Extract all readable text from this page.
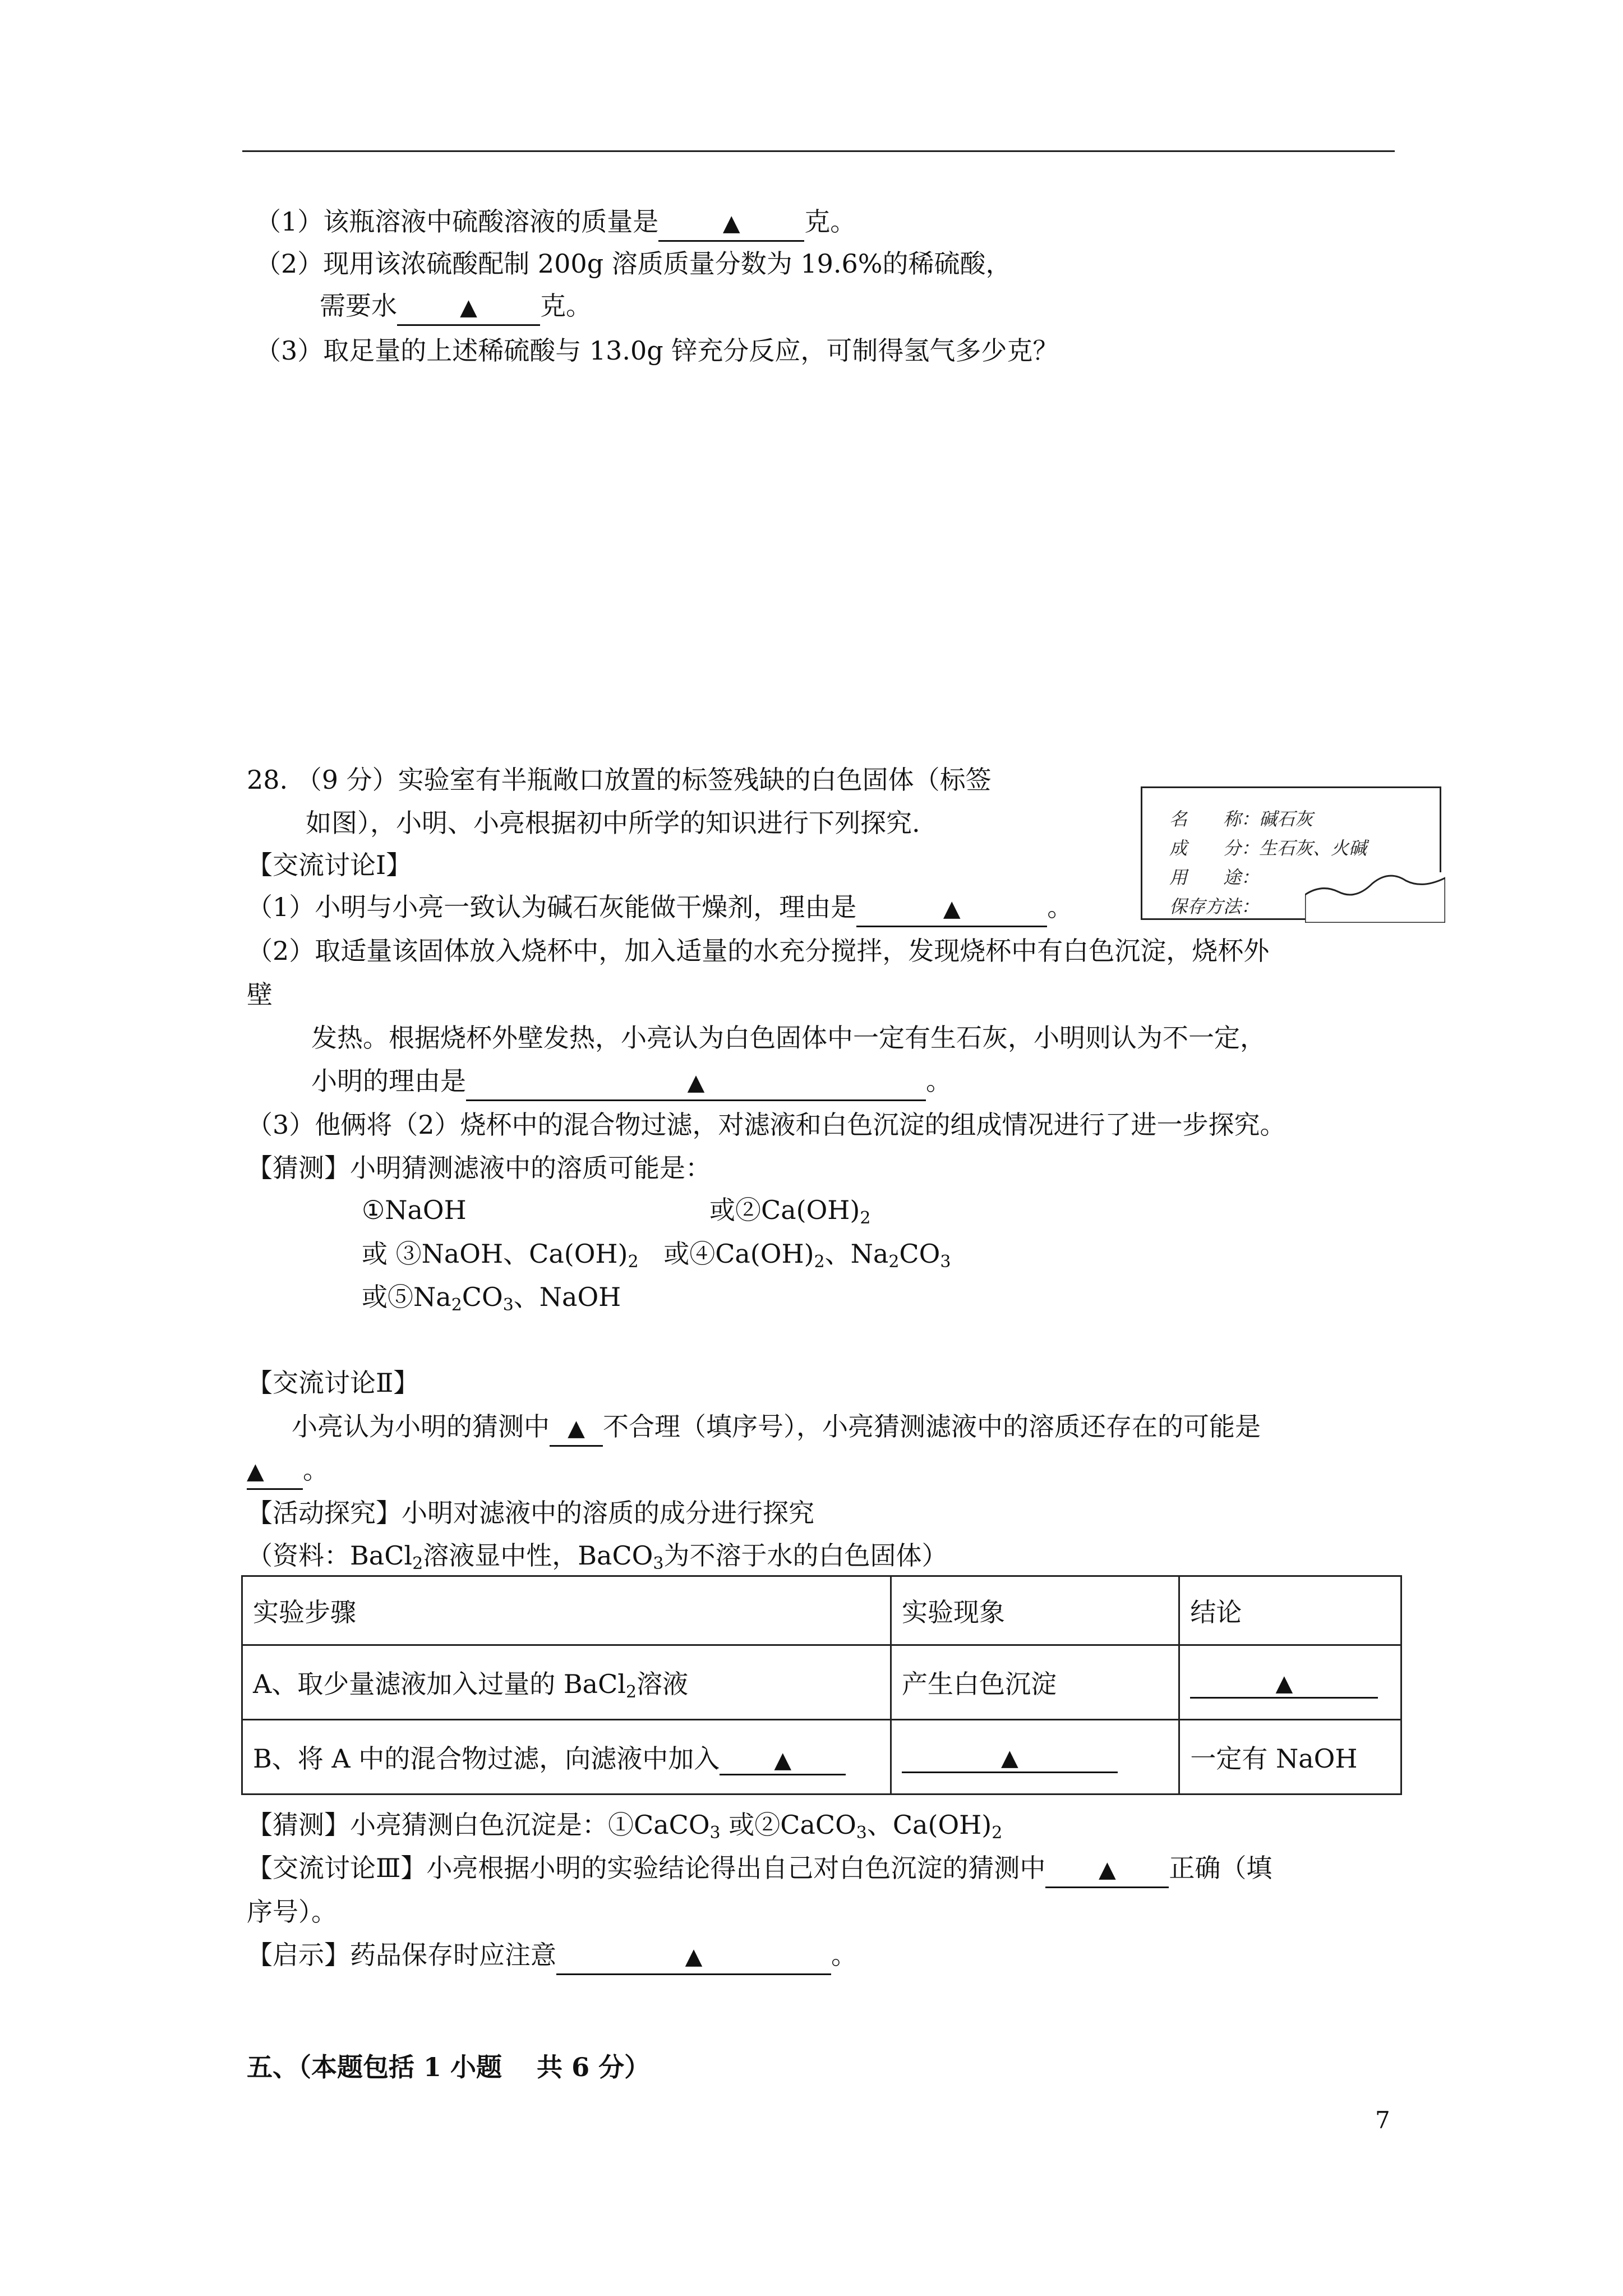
（1）该瓶溶液中硫酸溶液的质量是	▲ 克。
（2）现用该浓硫酸配制 200g 溶质质量分数为 19.6%的稀硫酸，
需要水	▲ 克。
（3）取足量的上述稀硫酸与 13.0g 锌充分反应，可制得氢气多少克？
28. （9 分）实验室有半瓶敞口放置的标签残缺的白色固体（标签
如图），小明、小亮根据初中所学的知识进行下列探究.	名　　称：碱石灰
成　　分：生石灰、火碱
用　　途：
保存方法：
【交流讨论Ⅰ】
（1）小明与小亮一致认为碱石灰能做干燥剂，理由是	▲	。
（2）取适量该固体放入烧杯中，加入适量的水充分搅拌，发现烧杯中有白色沉淀，烧杯外
壁
发热。根据烧杯外壁发热，小亮认为白色固体中一定有生石灰，小明则认为不一定，
小明的理由是	▲	。
（3）他俩将（2）烧杯中的混合物过滤，对滤液和白色沉淀的组成情况进行了进一步探究。
【猜测】小明猜测滤液中的溶质可能是：
①NaOH	或$②Ca(OH)_2$
或 ③NaOH、$Ca(OH)_2$ 或$④Ca(OH)_2$、$Na_2CO_3$
或$⑤Na_2CO_3$、NaOH
【交流讨论Ⅱ】
小亮认为小明的猜测中 ▲ 不合理（填序号），小亮猜测滤液中的溶质还存在的可能是
▲ 。
【活动探究】小明对滤液中的溶质的成分进行探究
（资料：BaCl$_2$溶液显中性，BaCO$_3$为不溶于水的白色固体）
实验步骤	实验现象	结论
A、取少量滤液加入过量的 BaCl$_2$溶液	产生白色沉淀	▲
B、将 A 中的混合物过滤，向滤液中加入 ▲	▲	一定有 NaOH
【猜测】小亮猜测白色沉淀是：①CaCO$_3$ 或②CaCO$_3$、$Ca(OH)_2$
【交流讨论Ⅲ】小亮根据小明的实验结论得出自己对白色沉淀的猜测中 ▲ 正确（填
序号）。
【启示】药品保存时应注意	▲	。
五、（本题包括 1 小题　 共 6 分）
7
